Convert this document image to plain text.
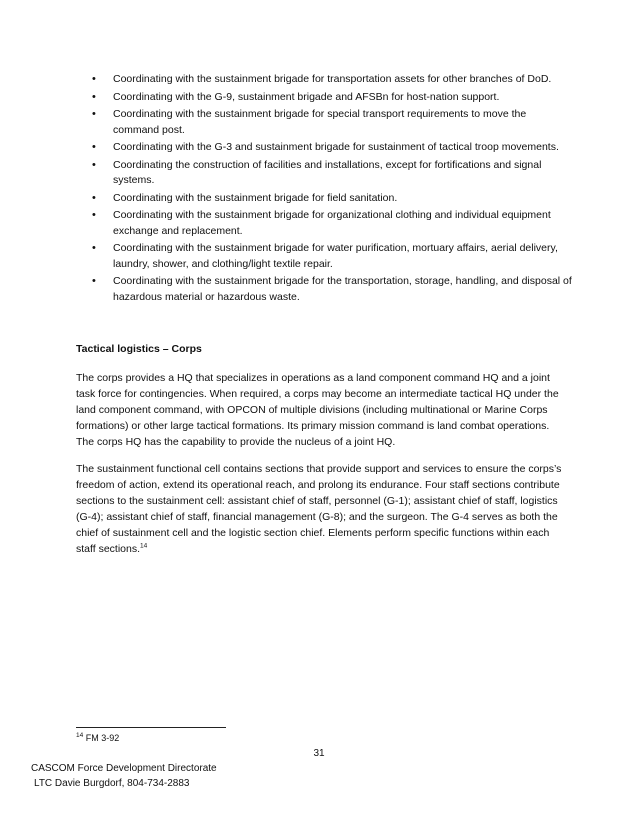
• Coordinating with the sustainment brigade for transportation assets for other branches of DoD.
• Coordinating with the G-9, sustainment brigade and AFSBn for host-nation support.
• Coordinating with the sustainment brigade for special transport requirements to move the command post.
• Coordinating with the G-3 and sustainment brigade for sustainment of tactical troop movements.
• Coordinating the construction of facilities and installations, except for fortifications and signal systems.
• Coordinating with the sustainment brigade for field sanitation.
• Coordinating with the sustainment brigade for organizational clothing and individual equipment exchange and replacement.
• Coordinating with the sustainment brigade for water purification, mortuary affairs, aerial delivery, laundry, shower, and clothing/light textile repair.
• Coordinating with the sustainment brigade for the transportation, storage, handling, and disposal of hazardous material or hazardous waste.

Tactical logistics – Corps

The corps provides a HQ that specializes in operations as a land component command HQ and a joint task force for contingencies. When required, a corps may become an intermediate tactical HQ under the land component command, with OPCON of multiple divisions (including multinational or Marine Corps formations) or other large tactical formations. Its primary mission command is land combat operations. The corps HQ has the capability to provide the nucleus of a joint HQ.

The sustainment functional cell contains sections that provide support and services to ensure the corps’s freedom of action, extend its operational reach, and prolong its endurance. Four staff sections contribute sections to the sustainment cell: assistant chief of staff, personnel (G-1); assistant chief of staff, logistics (G-4); assistant chief of staff, financial management (G-8); and the surgeon. The G-4 serves as both the chief of sustainment cell and the logistic section chief. Elements perform specific functions within each staff sections.$^{14}$

$^{14}$ FM 3-92
31
CASCOM Force Development Directorate
LTC Davie Burgdorf, 804-734-2883
